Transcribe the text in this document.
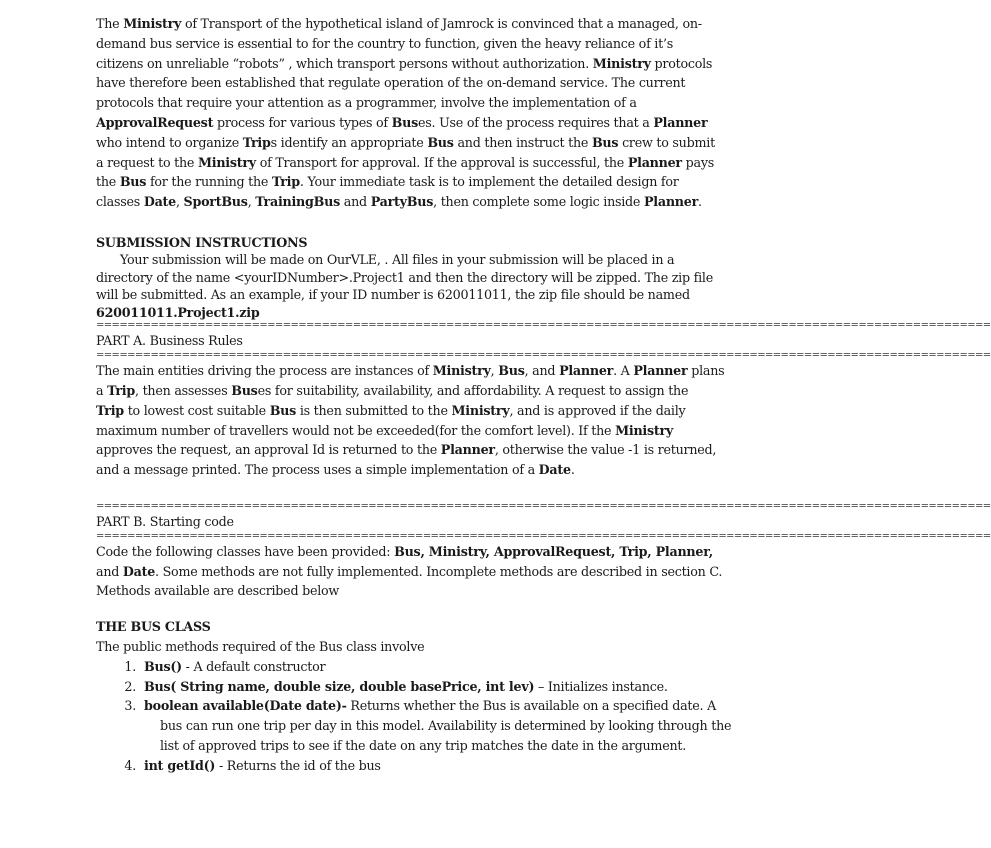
The Ministry of Transport of the hypothetical island of Jamrock is convinced that a managed, on-
demand bus service is essential to for the country to function, given the heavy reliance of it’s
citizens on unreliable “robots” , which transport persons without authorization. Ministry protocols
have therefore been established that regulate operation of the on-demand service. The current
protocols that require your attention as a programmer, involve the implementation of a
ApprovalRequest process for various types of Buses. Use of the process requires that a Planner
who intend to organize Trips identify an appropriate Bus and then instruct the Bus crew to submit
a request to the Ministry of Transport for approval. If the approval is successful, the Planner pays
the Bus for the running the Trip. Your immediate task is to implement the detailed design for
classes Date, SportBus, TrainingBus and PartyBus, then complete some logic inside Planner.
SUBMISSION INSTRUCTIONS
Your submission will be made on OurVLE, . All files in your submission will be placed in a
directory of the name <yourIDNumber>.Project1 and then the directory will be zipped. The zip file
will be submitted. As an example, if your ID number is 620011011, the zip file should be named
620011011.Project1.zip
===================================================================================================================
PART A. Business Rules
===================================================================================================================
The main entities driving the process are instances of Ministry, Bus, and Planner. A Planner plans
a Trip, then assesses Buses for suitability, availability, and affordability. A request to assign the
Trip to lowest cost suitable Bus is then submitted to the Ministry, and is approved if the daily
maximum number of travellers would not be exceeded(for the comfort level). If the Ministry
approves the request, an approval Id is returned to the Planner, otherwise the value -1 is returned,
and a message printed. The process uses a simple implementation of a Date.
===================================================================================================================
PART B. Starting code
===================================================================================================================
Code the following classes have been provided: Bus, Ministry, ApprovalRequest, Trip, Planner,
and Date. Some methods are not fully implemented. Incomplete methods are described in section C.
Methods available are described below
THE BUS CLASS
The public methods required of the Bus class involve
1. Bus() - A default constructor
2. Bus( String name, double size, double basePrice, int lev) – Initializes instance.
3. boolean available(Date date)- Returns whether the Bus is available on a specified date. A
bus can run one trip per day in this model. Availability is determined by looking through the
list of approved trips to see if the date on any trip matches the date in the argument.
4. int getId() - Returns the id of the bus
